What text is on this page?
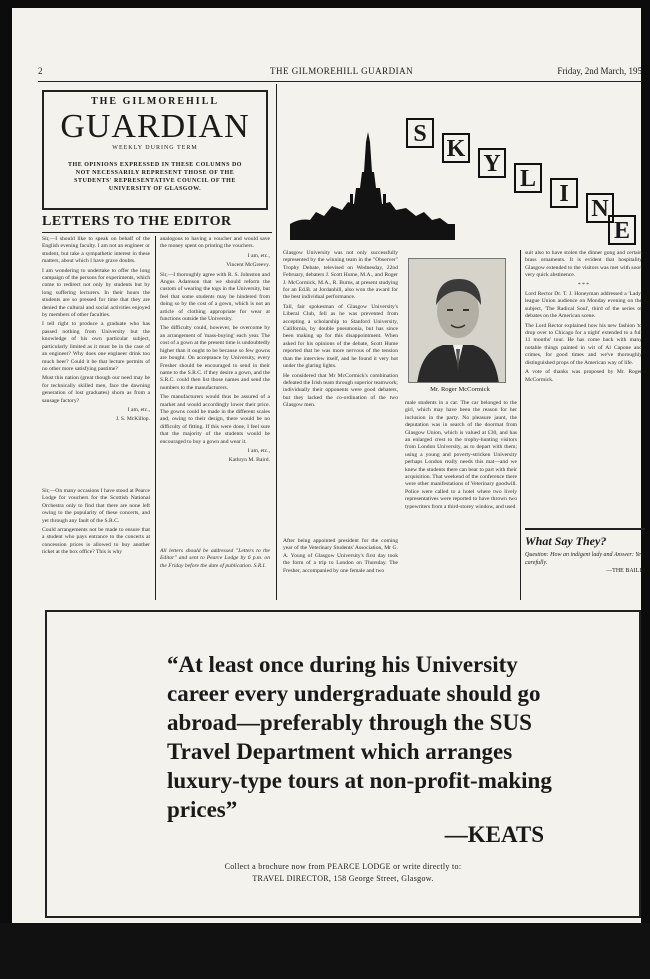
2	THE GILMOREHILL GUARDIAN	Friday, 2nd March, 195
THE GILMOREHILL
GUARDIAN
WEEKLY DURING TERM
THE OPINIONS EXPRESSED IN THESE COLUMNS DO NOT NECESSARILY REPRESENT THOSE OF THE STUDENTS' REPRESENTATIVE COUNCIL OF THE UNIVERSITY OF GLASGOW.
LETTERS TO THE EDITOR

Sir,—I should like to speak on behalf of the English evening faculty. I am not an engineer or student, but take a sympathetic interest in these matters, about which I have grave doubts.

I am wondering to undertake to offer the long campaign of the persons for experiments, which come to redirect not only by students but by long suffering lecturers. In their hours the students are so pressed for time that they are denied the cultural and social activities enjoyed by members of other faculties.

I tell right to produce a graduate who has passed nothing from University but the knowledge of his own particular subject, particularly limited as it must be in the case of an engineer? Why does one engineer drink too much beer? Could it be that lecture permits of no other more satisfying pastime?

Must this nation (great though our need may be for technically skilled men, face the dawning generation of lost graduates) shorn as from a sausage factory?

I am, etc.,

J. S. McKillop.

Sir,—On many occasions I have stood at Pearce Lodge for vouchers for the Scottish National Orchestra only to find that there are none left owing to the popularity of these concerts, and yet through any fault of the S.R.C.

Could arrangements not be made to ensure that a student who pays entrance to the concerts at concession prices is allowed to buy another ticket at the box office? This is why

analogous to having a voucher and would save the money spent on printing the vouchers.

I am, etc.,

Vincent McGreevy.

Sir,—I thoroughly agree with R. S. Johnston and Angus Adamson that we should reform the custom of wearing the togs in the University, but feel that some students may be hindered from doing so by the cost of a gown, which is not an article of clothing appropriate for wear at functions outside the University.

The difficulty could, however, be overcome by an arrangement of 'mass-buying' each year. The cost of a gown at the present time is undoubtedly higher than it ought to be because so few gowns are bought. On acceptance by University, every Fresher should be encouraged to send in their name to the S.R.C. if they desire a gown, and the S.R.C. could then list those names and send the numbers to the manufacturers.

The manufacturers would thus be assured of a market and would accordingly lower their price. The gowns could be made in the different scales and, owing to their design, there would be no difficulty of fitting. If this were done, I feel sure that the majority of the students would be encouraged to buy a gown and wear it.

I am, etc.,

Kathryn M. Baird.

All letters should be addressed "Letters to the Editor" and sent to Pearce Lodge by 6 p.m. on the Friday before the date of publication. S.R.I.
S
K
Y
L
I
N
E

Glasgow University was not only successfully represented by the winning team in the "Observer" Trophy Debate, televised on Wednesday, 22nd February, debaters J. Scott Hume, M.A., and Roger J. McCormick, M.A., R. Burns, at present studying for an Ed.B. at Jordanhill, also won the award for the best individual performance.

Tall, fair spokesman of Glasgow University's Liberal Club, fell as he was prevented from accepting a scholarship to Stanford University, California, by double pneumonia, but has since been making up for this disappointment. When asked for his opinions of the debate, Scott Hume reported that he was more nervous of the tension than the interview itself, and he found it very hot under the glaring lights.

He considered that Mr McCormick's combination defeated the Irish team through superior teamwork; individually their opponents were good debaters, but they lacked the co-ordination of the two Glasgow men.

After being appointed president for the coming year of the Veterinary Students' Association, Mr G. A. Young of Glasgow University's first day took the form of a trip to London on Thursday. The Fresher, accompanied by one female and two

Mr. Roger McCormick

male students in a car. The car belonged to the girl, which may have been the reason for her inclusion in the party. No pleasure jaunt, the deputation was in search of the doormat from Glasgow Union, which is valued at £30, and has an enlarged crest to the trophy-hunting visitors from London University, as to depart with them; using a young and poverty-stricken University perhaps London really needs this mat—and we knew the students there can bear to part with their acquisition. That weekend of the conference there were other manifestations of Veterinary goodwill. Police were called to a hotel where two lively representatives were reported to have thrown two typewriters from a third-storey window, and used

suit also to have stolen the dinner gong and certain brass ornaments. It is evident that hospitality Glasgow extended to the visitors was met with soon very quick abstinence.

* * *

Lord Rector Dr. T. J. Honeyman addressed a 'Lady' league Union audience on Monday evening on the subject, 'The Radical Soul', third of the series of debates on the American scene.

The Lord Rector explained how his new fashion 'to drop over to Chicago for a night' extended to a full 11 months' tour. He has come back with many notable things painted in wit of Al Capone and crimes, for good times and we've thoroughly distinguished props of the American way of life.

A vote of thanks was proposed by Mr. Roger McCormick.

What Say They?
Question: How an indigent lady and Answer: Yes, carefully.
—THE BAILIE
“At least once during his University career every undergraduate should go abroad—preferably through the SUS Travel Department which arranges luxury-type tours at non-profit-making prices”
—KEATS
Collect a brochure now from PEARCE LODGE or write directly to:
TRAVEL DIRECTOR, 158 George Street, Glasgow.
